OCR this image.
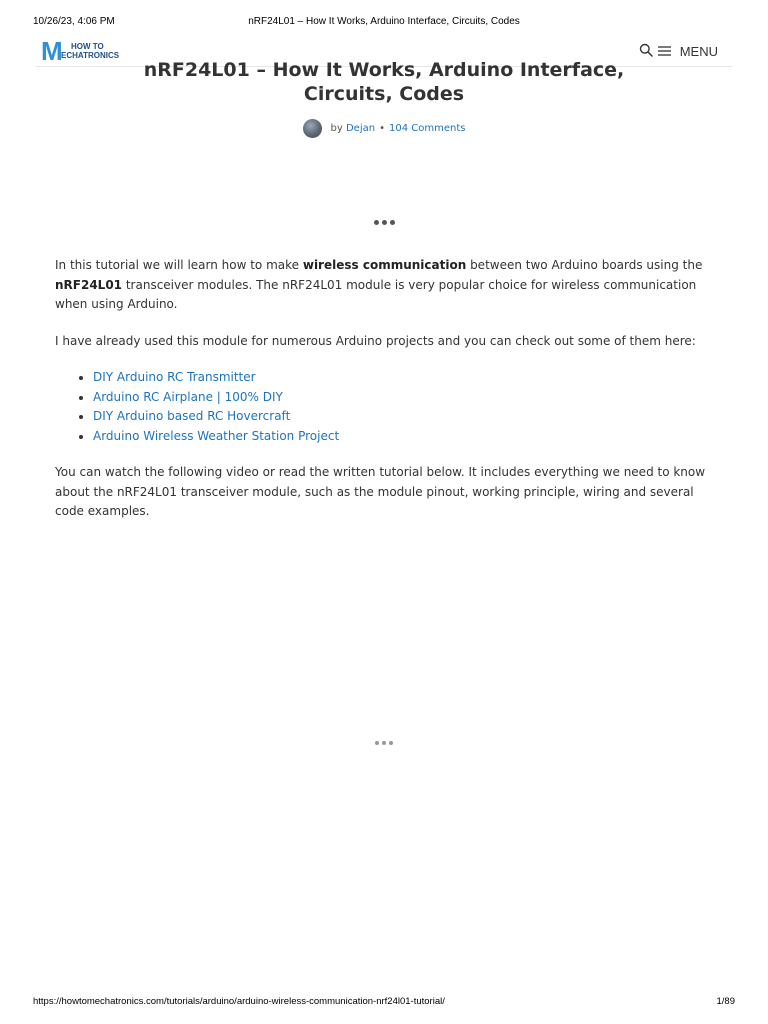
10/26/23, 4:06 PM	nRF24L01 – How It Works, Arduino Interface, Circuits, Codes
M HOW TO
ECHATRONICS	MENU
nRF24L01 – How It Works, Arduino Interface, Circuits, Codes
by
Dejan • 104 Comments

In this tutorial we will learn how to make wireless communication between two Arduino boards using the nRF24L01 transceiver modules. The nRF24L01 module is very popular choice for wireless communication when using Arduino.

I have already used this module for numerous Arduino projects and you can check out some of them here:

• DIY Arduino RC Transmitter
• Arduino RC Airplane | 100% DIY
• DIY Arduino based RC Hovercraft
• Arduino Wireless Weather Station Project

You can watch the following video or read the written tutorial below. It includes everything we need to know about the nRF24L01 transceiver module, such as the module pinout, working principle, wiring and several code examples.

https://howtomechatronics.com/tutorials/arduino/arduino-wireless-communication-nrf24l01-tutorial/	1/89
